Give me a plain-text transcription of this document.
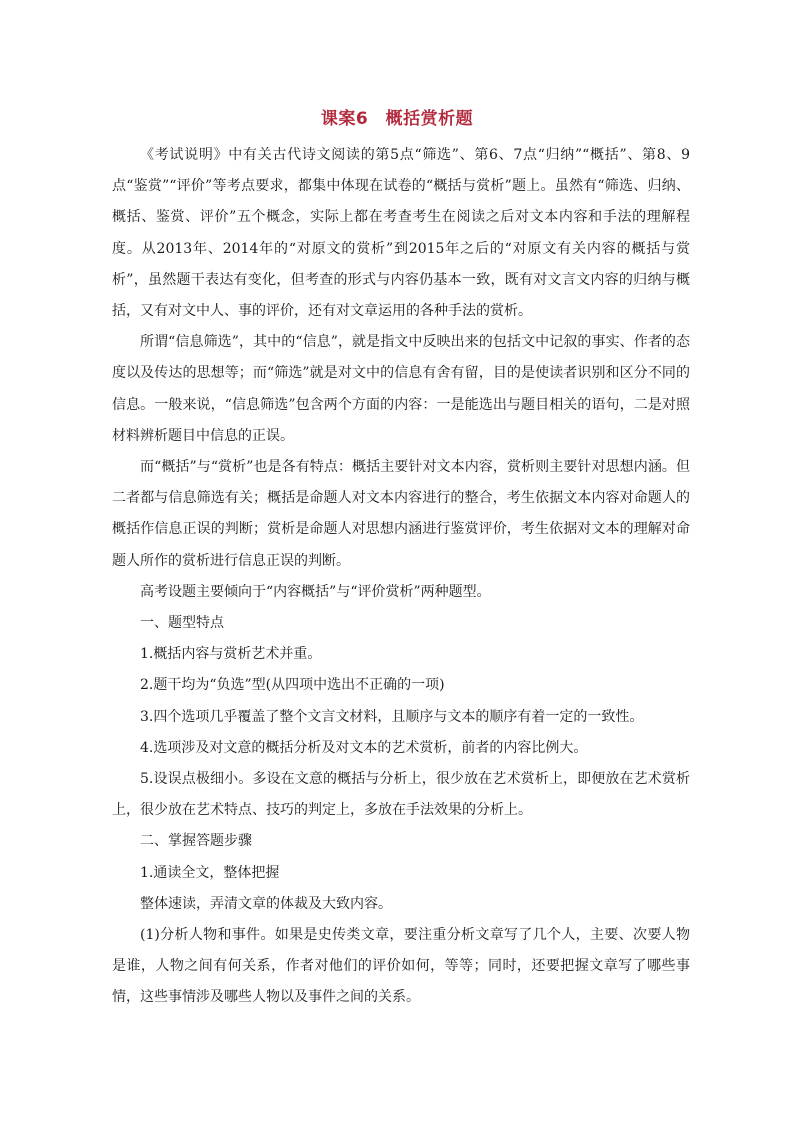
课案6　概括赏析题

《考试说明》中有关古代诗文阅读的第5点“筛选”、第6、7点“归纳”“概括”、第8、9点“鉴赏”“评价”等考点要求，都集中体现在试卷的“概括与赏析”题上。虽然有“筛选、归纳、概括、鉴赏、评价”五个概念，实际上都在考查考生在阅读之后对文本内容和手法的理解程度。从2013年、2014年的“对原文的赏析”到2015年之后的“对原文有关内容的概括与赏析”，虽然题干表达有变化，但考查的形式与内容仍基本一致，既有对文言文内容的归纳与概括，又有对文中人、事的评价，还有对文章运用的各种手法的赏析。

所谓“信息筛选”，其中的“信息”，就是指文中反映出来的包括文中记叙的事实、作者的态度以及传达的思想等；而“筛选”就是对文中的信息有舍有留，目的是使读者识别和区分不同的信息。一般来说，“信息筛选”包含两个方面的内容：一是能选出与题目相关的语句，二是对照材料辨析题目中信息的正误。

而“概括”与“赏析”也是各有特点：概括主要针对文本内容，赏析则主要针对思想内涵。但二者都与信息筛选有关；概括是命题人对文本内容进行的整合，考生依据文本内容对命题人的概括作信息正误的判断；赏析是命题人对思想内涵进行鉴赏评价，考生依据对文本的理解对命题人所作的赏析进行信息正误的判断。

高考设题主要倾向于“内容概括”与“评价赏析”两种题型。

一、题型特点

1.概括内容与赏析艺术并重。

2.题干均为“负选”型(从四项中选出不正确的一项)

3.四个选项几乎覆盖了整个文言文材料，且顺序与文本的顺序有着一定的一致性。

4.选项涉及对文意的概括分析及对文本的艺术赏析，前者的内容比例大。

5.设误点极细小。多设在文意的概括与分析上，很少放在艺术赏析上，即便放在艺术赏析上，很少放在艺术特点、技巧的判定上，多放在手法效果的分析上。

二、掌握答题步骤

1.通读全文，整体把握

整体速读，弄清文章的体裁及大致内容。

(1)分析人物和事件。如果是史传类文章，要注重分析文章写了几个人，主要、次要人物是谁，人物之间有何关系，作者对他们的评价如何，等等；同时，还要把握文章写了哪些事情，这些事情涉及哪些人物以及事件之间的关系。
